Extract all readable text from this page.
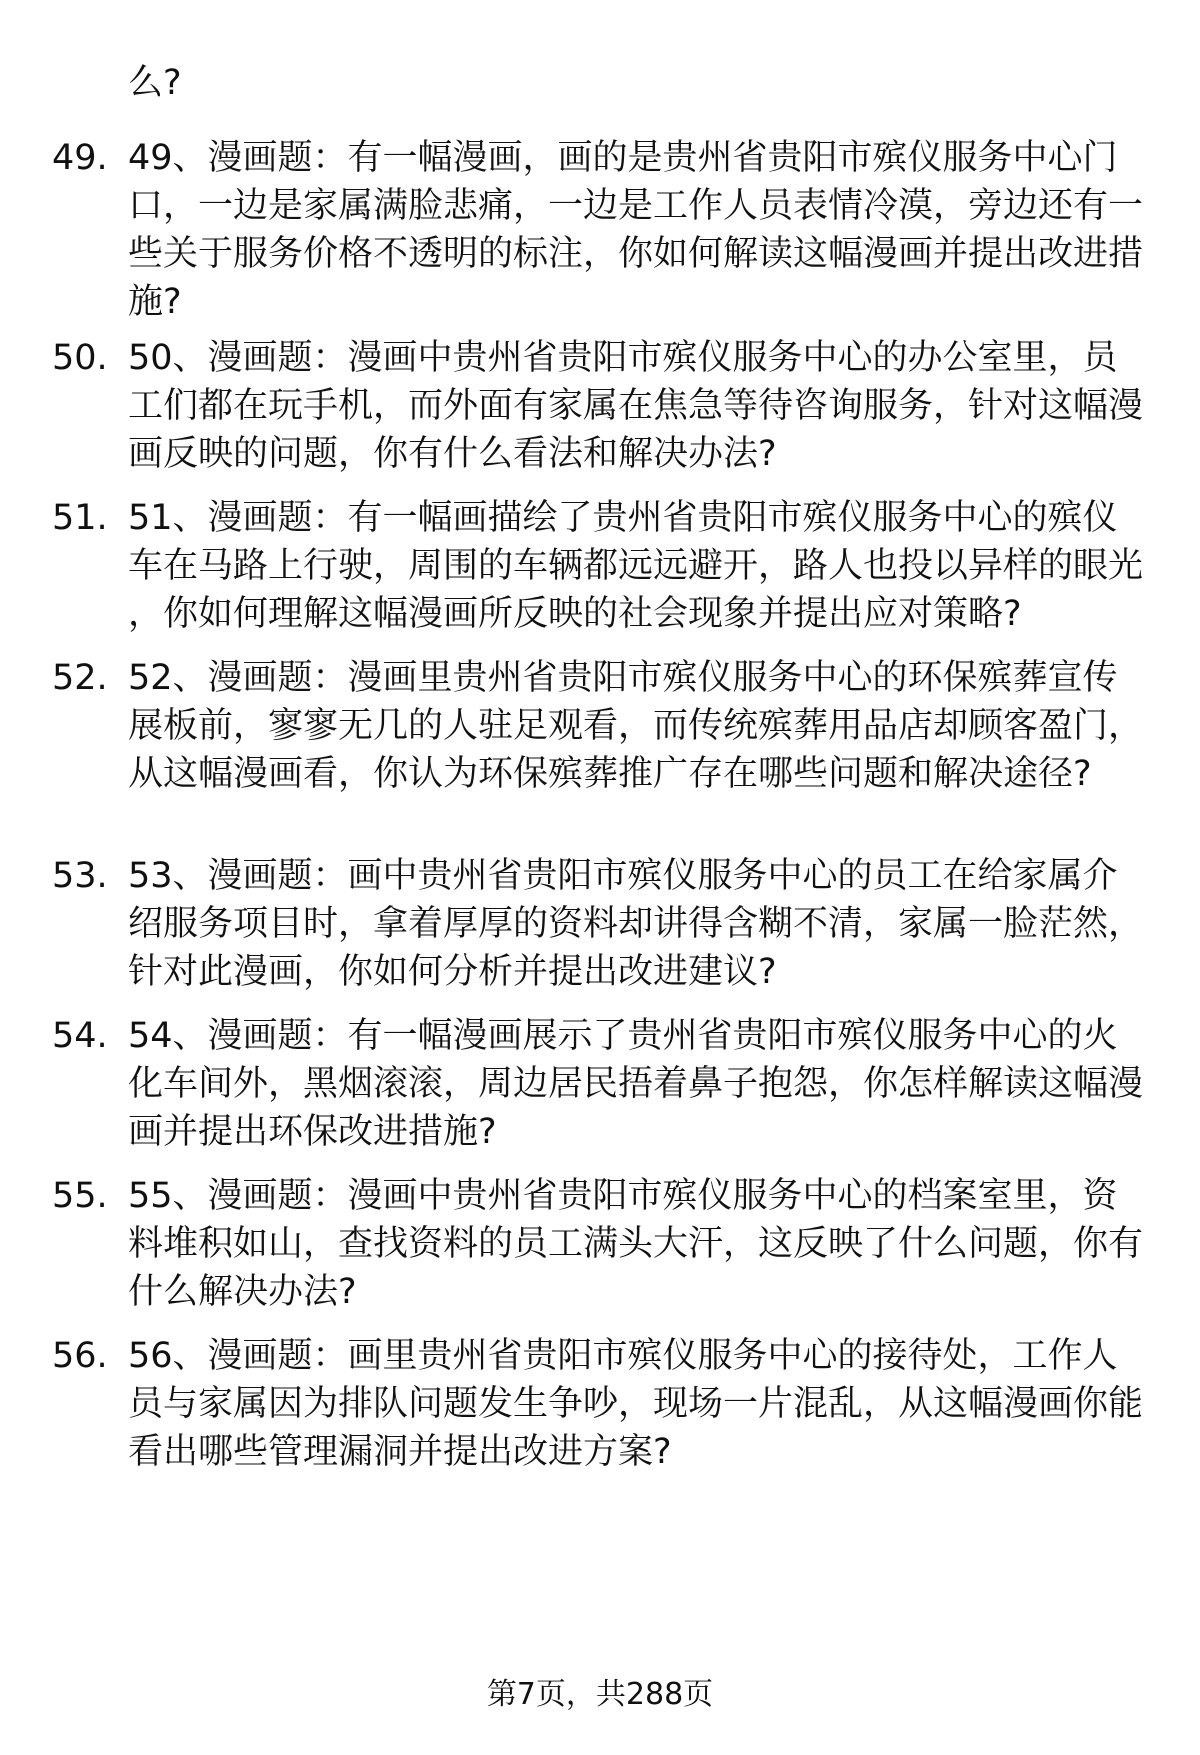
么?

49. 49、漫画题：有一幅漫画，画的是贵州省贵阳市殡仪服务中心门口，一边是家属满脸悲痛，一边是工作人员表情冷漠，旁边还有一些关于服务价格不透明的标注，你如何解读这幅漫画并提出改进措施?

50. 50、漫画题：漫画中贵州省贵阳市殡仪服务中心的办公室里，员工们都在玩手机，而外面有家属在焦急等待咨询服务，针对这幅漫画反映的问题，你有什么看法和解决办法?

51. 51、漫画题：有一幅画描绘了贵州省贵阳市殡仪服务中心的殡仪车在马路上行驶，周围的车辆都远远避开，路人也投以异样的眼光，你如何理解这幅漫画所反映的社会现象并提出应对策略?

52. 52、漫画题：漫画里贵州省贵阳市殡仪服务中心的环保殡葬宣传展板前，寥寥无几的人驻足观看，而传统殡葬用品店却顾客盈门，从这幅漫画看，你认为环保殡葬推广存在哪些问题和解决途径?

53. 53、漫画题：画中贵州省贵阳市殡仪服务中心的员工在给家属介绍服务项目时，拿着厚厚的资料却讲得含糊不清，家属一脸茫然，针对此漫画，你如何分析并提出改进建议?

54. 54、漫画题：有一幅漫画展示了贵州省贵阳市殡仪服务中心的火化车间外，黑烟滚滚，周边居民捂着鼻子抱怨，你怎样解读这幅漫画并提出环保改进措施?

55. 55、漫画题：漫画中贵州省贵阳市殡仪服务中心的档案室里，资料堆积如山，查找资料的员工满头大汗，这反映了什么问题，你有什么解决办法?

56. 56、漫画题：画里贵州省贵阳市殡仪服务中心的接待处，工作人员与家属因为排队问题发生争吵，现场一片混乱，从这幅漫画你能看出哪些管理漏洞并提出改进方案?

第7页，共288页
